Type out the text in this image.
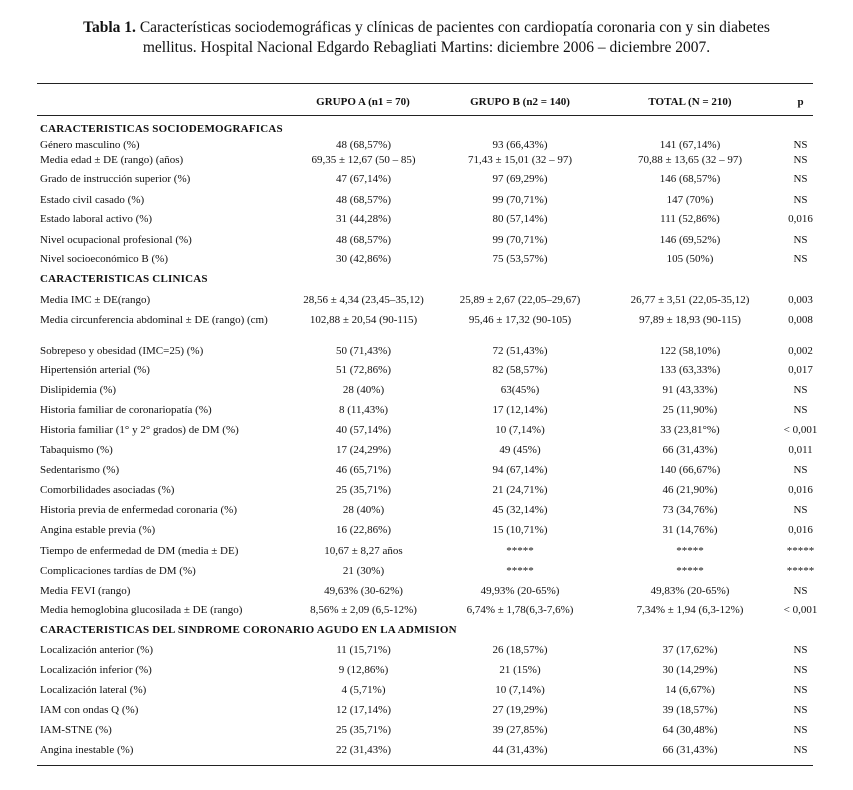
Tabla 1. Características sociodemográficas y clínicas de pacientes con cardiopatía coronaria con y sin diabetes mellitus. Hospital Nacional Edgardo Rebagliati Martins: diciembre 2006 – diciembre 2007.
GRUPO A (n1 = 70)	GRUPO B (n2 = 140)	TOTAL (N = 210)	p
CARACTERISTICAS SOCIODEMOGRAFICAS
Género masculino (%)	48 (68,57%)	93 (66,43%)	141 (67,14%)	NS
Media edad ± DE (rango) (años)	69,35 ± 12,67 (50 – 85)	71,43 ± 15,01 (32 – 97)	70,88 ± 13,65 (32 – 97)	NS
Grado de instrucción superior (%)	47 (67,14%)	97 (69,29%)	146 (68,57%)	NS
Estado civil casado (%)	48 (68,57%)	99 (70,71%)	147 (70%)	NS
Estado laboral activo (%)	31 (44,28%)	80 (57,14%)	111 (52,86%)	0,016
Nivel ocupacional profesional (%)	48 (68,57%)	99 (70,71%)	146 (69,52%)	NS
Nivel socioeconómico B (%)	30 (42,86%)	75 (53,57%)	105 (50%)	NS
CARACTERISTICAS CLINICAS
Media IMC ± DE(rango)	28,56 ± 4,34 (23,45–35,12)	25,89 ± 2,67 (22,05–29,67)	26,77 ± 3,51 (22,05-35,12)	0,003
Media circunferencia abdominal ± DE (rango) (cm)	102,88 ± 20,54 (90-115)	95,46 ± 17,32 (90-105)	97,89 ± 18,93 (90-115)	0,008
Sobrepeso y obesidad (IMC=25) (%)	50 (71,43%)	72 (51,43%)	122 (58,10%)	0,002
Hipertensión arterial (%)	51 (72,86%)	82 (58,57%)	133 (63,33%)	0,017
Dislipidemia (%)	28 (40%)	63(45%)	91 (43,33%)	NS
Historia familiar de coronariopatía (%)	8 (11,43%)	17 (12,14%)	25 (11,90%)	NS
Historia familiar (1° y 2° grados) de DM (%)	40 (57,14%)	10 (7,14%)	33 (23,81°%)	< 0,001
Tabaquismo (%)	17 (24,29%)	49 (45%)	66 (31,43%)	0,011
Sedentarismo (%)	46 (65,71%)	94 (67,14%)	140 (66,67%)	NS
Comorbilidades asociadas (%)	25 (35,71%)	21 (24,71%)	46 (21,90%)	0,016
Historia previa de enfermedad coronaria (%)	28 (40%)	45 (32,14%)	73 (34,76%)	NS
Angina estable previa (%)	16 (22,86%)	15 (10,71%)	31 (14,76%)	0,016
Tiempo de enfermedad de DM (media ± DE)	10,67 ± 8,27 años	*****	*****	*****
Complicaciones tardías de DM (%)	21 (30%)	*****	*****	*****
Media FEVI (rango)	49,63% (30-62%)	49,93% (20-65%)	49,83% (20-65%)	NS
Media hemoglobina glucosilada ± DE (rango)	8,56% ± 2,09 (6,5-12%)	6,74% ± 1,78(6,3-7,6%)	7,34% ± 1,94 (6,3-12%)	< 0,001
CARACTERISTICAS DEL SINDROME CORONARIO AGUDO EN LA ADMISION
Localización anterior (%)	11 (15,71%)	26 (18,57%)	37 (17,62%)	NS
Localización inferior (%)	9 (12,86%)	21 (15%)	30 (14,29%)	NS
Localización lateral (%)	4 (5,71%)	10 (7,14%)	14 (6,67%)	NS
IAM con ondas Q (%)	12 (17,14%)	27 (19,29%)	39 (18,57%)	NS
IAM-STNE (%)	25 (35,71%)	39 (27,85%)	64 (30,48%)	NS
Angina inestable (%)	22 (31,43%)	44 (31,43%)	66 (31,43%)	NS
